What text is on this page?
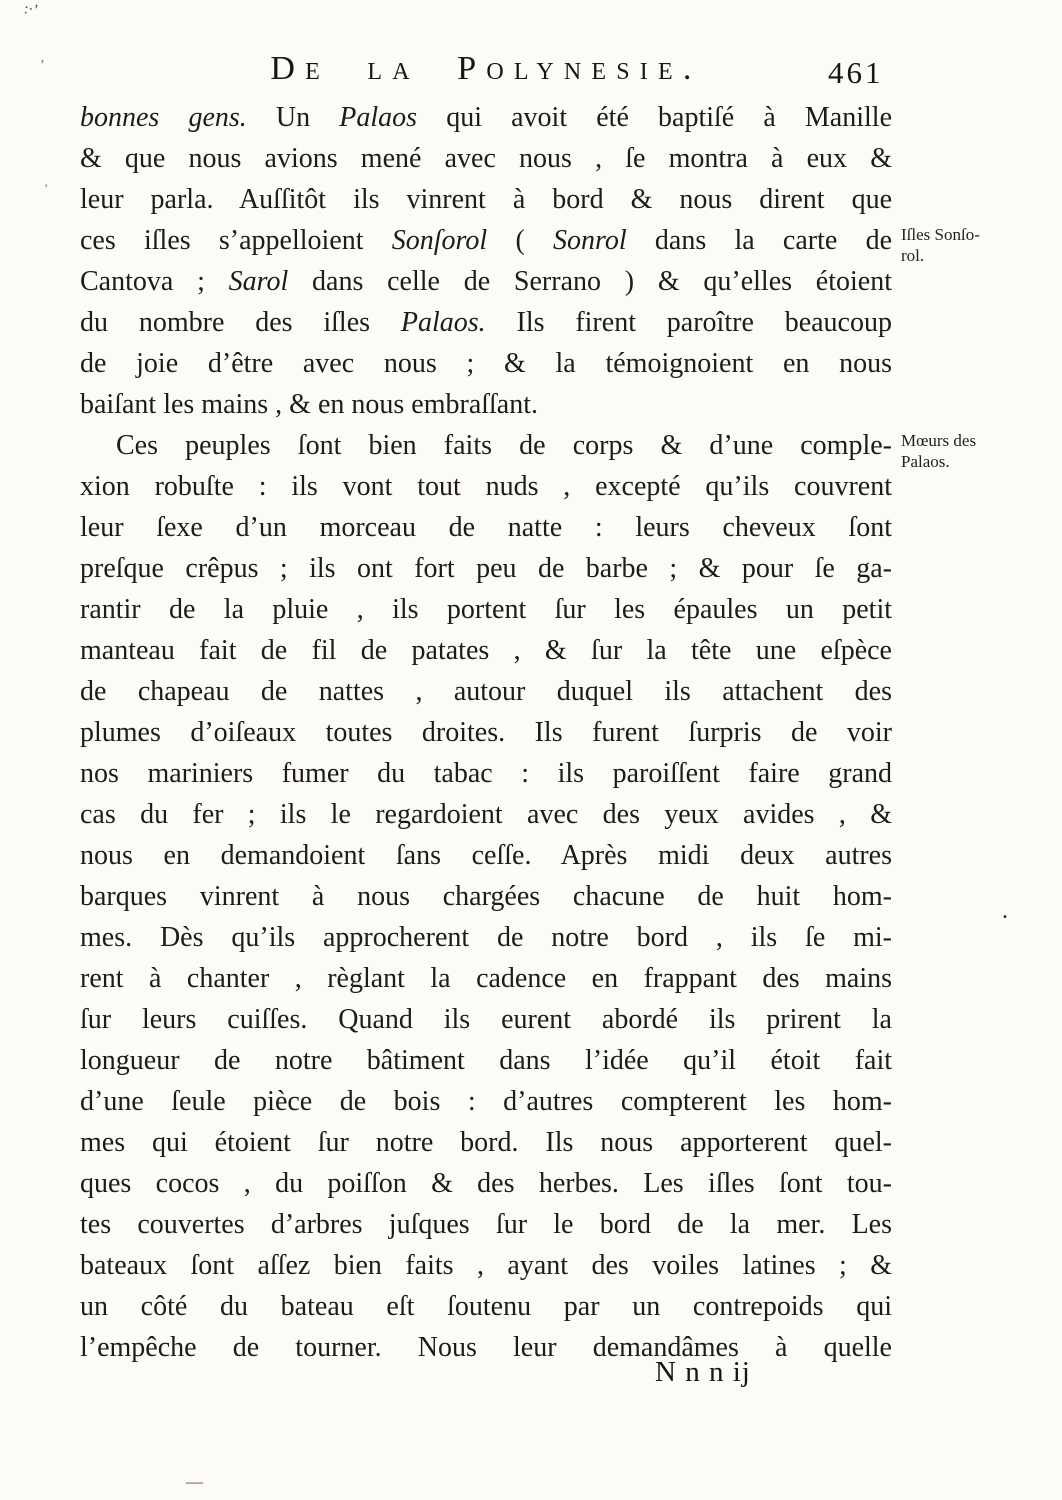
De la Polynesie.	461
bonnes gens. Un Palaos qui avoit été baptiſé à Manille
& que nous avions mené avec nous , ſe montra à eux &
leur parla. Auſſitôt ils vinrent à bord & nous dirent que
ces iſles s’appelloient Sonſorol ( Sonrol dans la carte de
Cantova ; Sarol dans celle de Serrano ) & qu’elles étoient
du nombre des iſles Palaos. Ils firent paroître beaucoup
de joie d’être avec nous ; & la témoignoient en nous
baiſant les mains , & en nous embraſſant.
Ces peuples ſont bien faits de corps & d’une comple-
xion robuſte : ils vont tout nuds , excepté qu’ils couvrent
leur ſexe d’un morceau de natte : leurs cheveux ſont
preſque crêpus ; ils ont fort peu de barbe ; & pour ſe ga-
rantir de la pluie , ils portent ſur les épaules un petit
manteau fait de fil de patates , & ſur la tête une eſpèce
de chapeau de nattes , autour duquel ils attachent des
plumes d’oiſeaux toutes droites. Ils furent ſurpris de voir
nos mariniers fumer du tabac : ils paroiſſent faire grand
cas du fer ; ils le regardoient avec des yeux avides , &
nous en demandoient ſans ceſſe. Après midi deux autres
barques vinrent à nous chargées chacune de huit hom-
mes. Dès qu’ils approcherent de notre bord , ils ſe mi-
rent à chanter , règlant la cadence en frappant des mains
ſur leurs cuiſſes. Quand ils eurent abordé ils prirent la
longueur de notre bâtiment dans l’idée qu’il étoit fait
d’une ſeule pièce de bois : d’autres compterent les hom-
mes qui étoient ſur notre bord. Ils nous apporterent quel-
ques cocos , du poiſſon & des herbes. Les iſles ſont tou-
tes couvertes d’arbres juſques ſur le bord de la mer. Les
bateaux ſont aſſez bien faits , ayant des voiles latines ; &
un côté du bateau eſt ſoutenu par un contrepoids qui
l’empêche de tourner. Nous leur demandâmes à quelle
Iſles Sonſo-
rol.
Mœurs des
Palaos.
N n n ij
:·ʼ
’
‚
.
—
